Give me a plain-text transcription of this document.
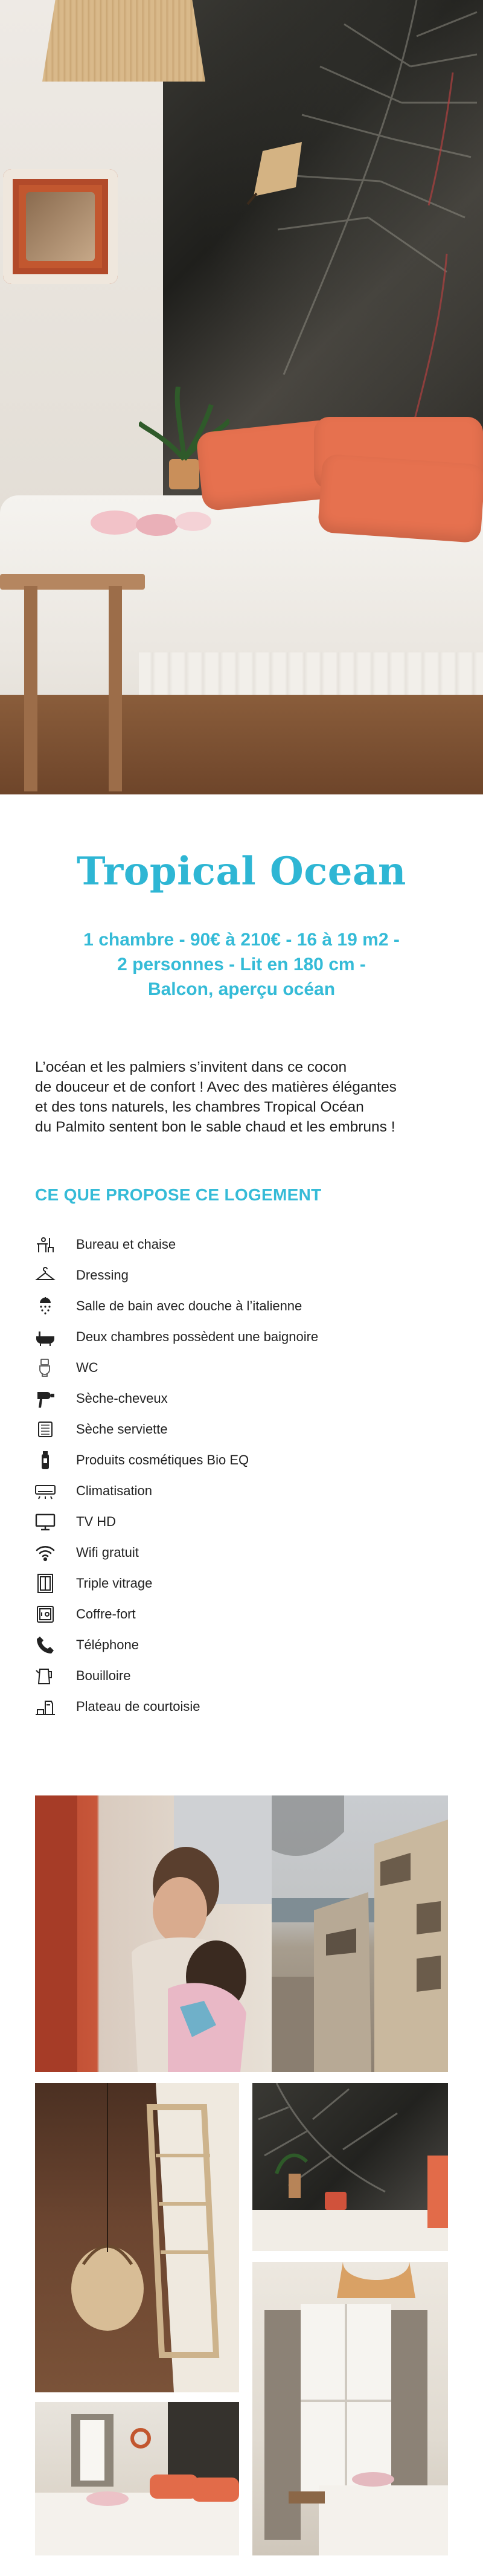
Tropical Ocean

1 chambre - 90€ à 210€ - 16 à 19 m2 -
2 personnes - Lit en 180 cm -
Balcon, aperçu océan

L’océan et les palmiers s’invitent dans ce cocon
de douceur et de confort ! Avec des matières élégantes
et des tons naturels, les chambres Tropical Océan
du Palmito sentent bon le sable chaud et les embruns !

CE QUE PROPOSE CE LOGEMENT
Bureau et chaise
Dressing
Salle de bain avec douche à l’italienne
Deux chambres possèdent une baignoire
WC
Sèche-cheveux
Sèche serviette
Produits cosmétiques Bio EQ
Climatisation
TV HD
Wifi gratuit
Triple vitrage
Coffre-fort
Téléphone
Bouilloire
Plateau de courtoisie
